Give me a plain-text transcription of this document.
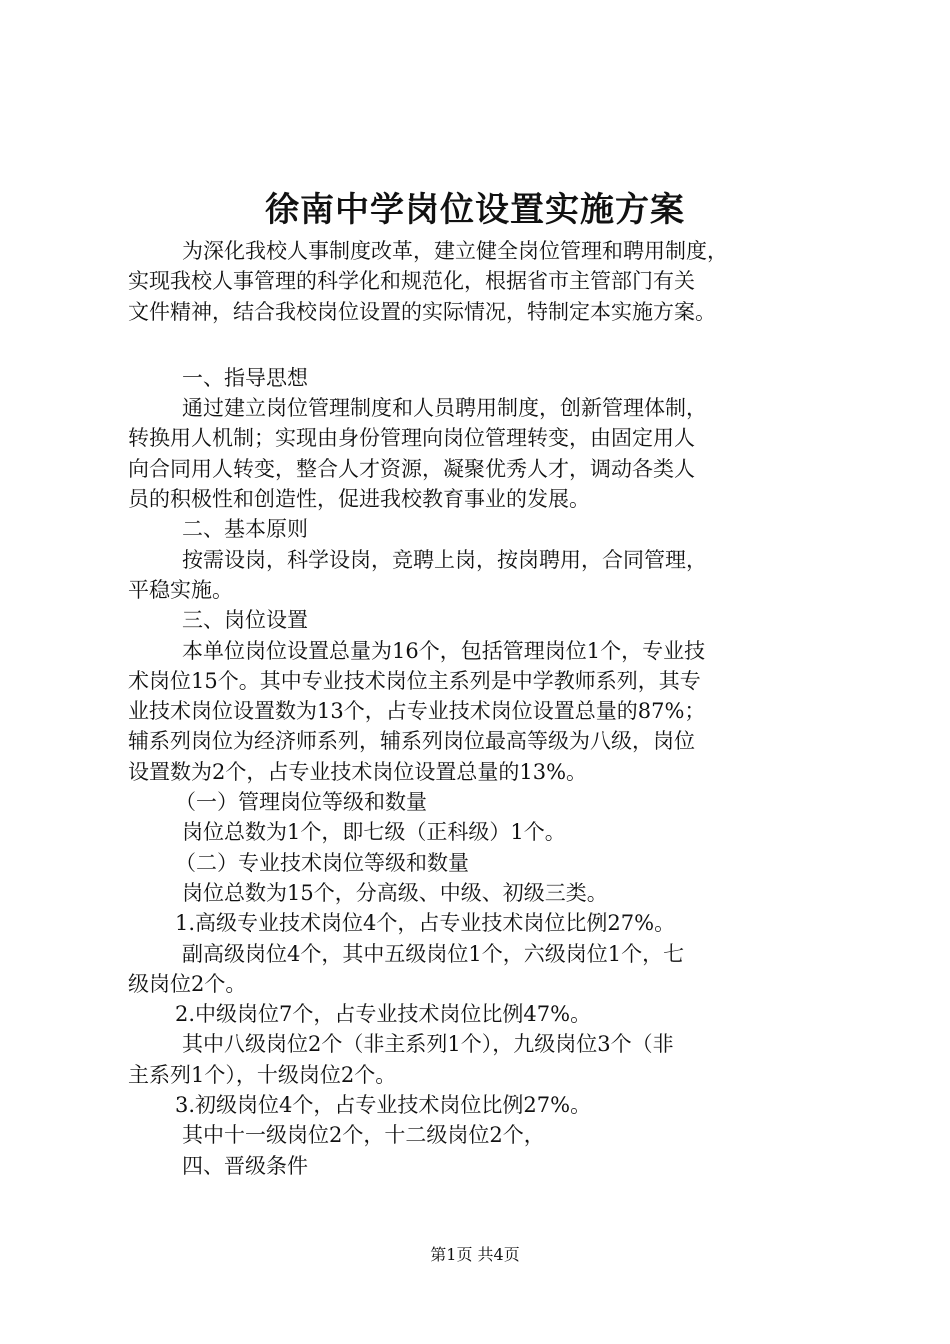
徐南中学岗位设置实施方案
为深化我校人事制度改革，建立健全岗位管理和聘用制度，
实现我校人事管理的科学化和规范化，根据省市主管部门有关
文件精神，结合我校岗位设置的实际情况，特制定本实施方案。
一、指导思想
通过建立岗位管理制度和人员聘用制度，创新管理体制，
转换用人机制；实现由身份管理向岗位管理转变，由固定用人
向合同用人转变，整合人才资源，凝聚优秀人才，调动各类人
员的积极性和创造性，促进我校教育事业的发展。
二、基本原则
按需设岗，科学设岗，竞聘上岗，按岗聘用，合同管理，
平稳实施。
三、岗位设置
本单位岗位设置总量为16个，包括管理岗位1个，专业技
术岗位15个。其中专业技术岗位主系列是中学教师系列，其专
业技术岗位设置数为13个，占专业技术岗位设置总量的87%；
辅系列岗位为经济师系列，辅系列岗位最高等级为八级，岗位
设置数为2个，占专业技术岗位设置总量的13%。
（一）管理岗位等级和数量
岗位总数为1个，即七级（正科级）1个。
（二）专业技术岗位等级和数量
岗位总数为15个，分高级、中级、初级三类。
1.高级专业技术岗位4个，占专业技术岗位比例27%。
副高级岗位4个，其中五级岗位1个，六级岗位1个，七
级岗位2个。
2.中级岗位7个，占专业技术岗位比例47%。
其中八级岗位2个（非主系列1个），九级岗位3个（非
主系列1个），十级岗位2个。
3.初级岗位4个，占专业技术岗位比例27%。
其中十一级岗位2个，十二级岗位2个，
四、晋级条件
第1页 共4页
